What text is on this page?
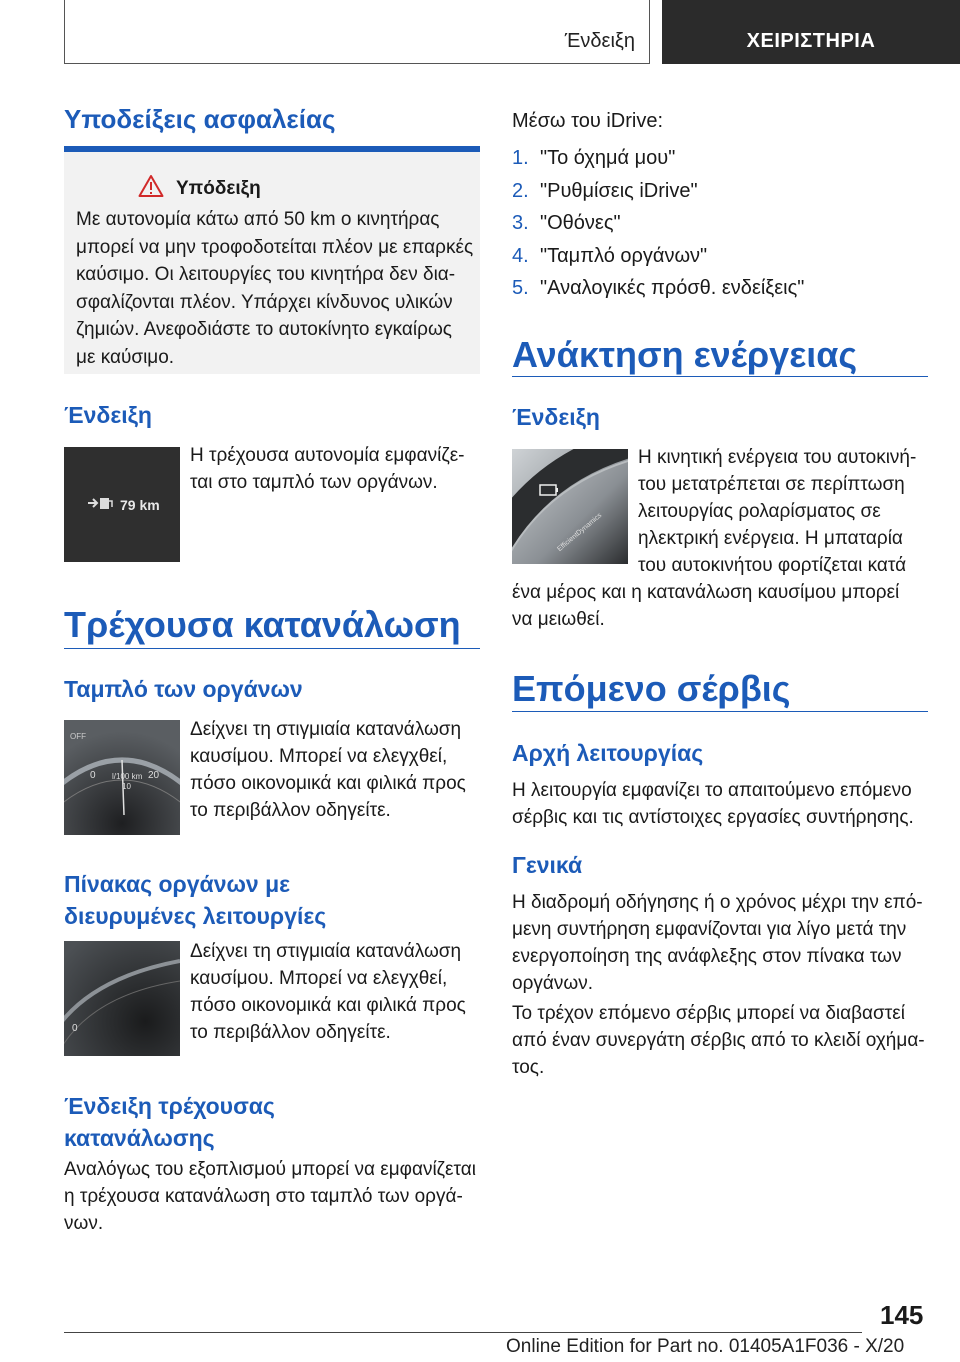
Ένδειξη	ΧΕΙΡΙΣΤΗΡΙΑ
Υποδείξεις ασφαλείας
Υπόδειξη
Με αυτονομία κάτω από 50 km ο κινητήρας
μπορεί να μην τροφοδοτείται πλέον με επαρκές
καύσιμο. Οι λειτουργίες του κινητήρα δεν δια-
σφαλίζονται πλέον. Υπάρχει κίνδυνος υλικών
ζημιών. Ανεφοδιάστε το αυτοκίνητο εγκαίρως
με καύσιμο.
Ένδειξη
Η τρέχουσα αυτονομία εμφανίζε-
ται στο ταμπλό των οργάνων.
79 km
Τρέχουσα κατανάλωση
Ταμπλό των οργάνων
Δείχνει τη στιγμιαία κατανάλωση
καυσίμου. Μπορεί να ελεγχθεί,
πόσο οικονομικά και φιλικά προς
το περιβάλλον οδηγείτε.
OFF
0 l/100 km 20
10
Πίνακας οργάνων με
διευρυμένες λειτουργίες
Δείχνει τη στιγμιαία κατανάλωση
καυσίμου. Μπορεί να ελεγχθεί,
πόσο οικονομικά και φιλικά προς
το περιβάλλον οδηγείτε.
0
Ένδειξη τρέχουσας
κατανάλωσης
Αναλόγως του εξοπλισμού μπορεί να εμφανίζεται
η τρέχουσα κατανάλωση στο ταμπλό των οργά-
νων.
Μέσω του iDrive:
1. "Το όχημά μου"
2. "Ρυθμίσεις iDrive"
3. "Οθόνες"
4. "Ταμπλό οργάνων"
5. "Αναλογικές πρόσθ. ενδείξεις"
Ανάκτηση ενέργειας
Ένδειξη
EfficientDynamics
Η κινητική ενέργεια του αυτοκινή-
του μετατρέπεται σε περίπτωση
λειτουργίας ρολαρίσματος σε
ηλεκτρική ενέργεια. Η μπαταρία
του αυτοκινήτου φορτίζεται κατά
ένα μέρος και η κατανάλωση καυσίμου μπορεί
να μειωθεί.
Επόμενο σέρβις
Αρχή λειτουργίας
Η λειτουργία εμφανίζει το απαιτούμενο επόμενο
σέρβις και τις αντίστοιχες εργασίες συντήρησης.
Γενικά
Η διαδρομή οδήγησης ή ο χρόνος μέχρι την επό-
μενη συντήρηση εμφανίζονται για λίγο μετά την
ενεργοποίηση της ανάφλεξης στον πίνακα των
οργάνων.
Το τρέχον επόμενο σέρβις μπορεί να διαβαστεί
από έναν συνεργάτη σέρβις από το κλειδί οχήμα-
τος.
145
Online Edition for Part no. 01405A1F036 - X/20
